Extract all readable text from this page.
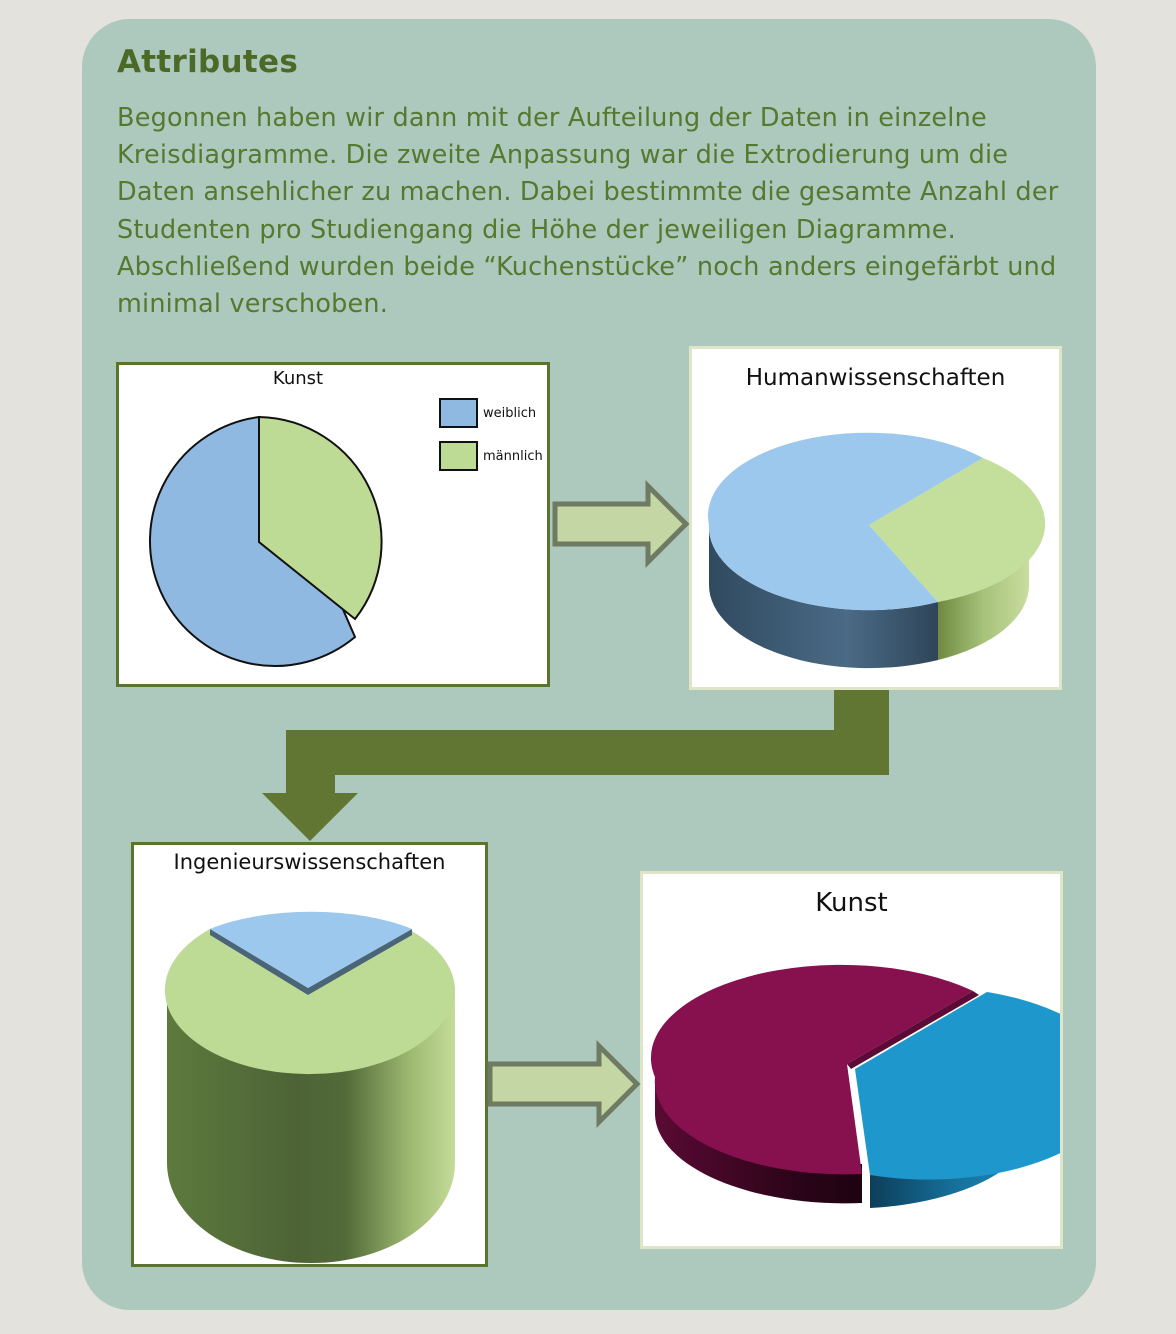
Attributes

Begonnen haben wir dann mit der Aufteilung der Daten in einzelne Kreisdiagramme. Die zweite Anpassung war die Extrodierung um die Daten ansehlicher zu machen. Dabei bestimmte die gesamte Anzahl der Studenten pro Studiengang die Höhe der jeweiligen Diagramme. Abschließend wurden beide “Kuchenstücke” noch anders eingefärbt und minimal verschoben.

Kunst
weiblich
männlich
Humanwissenschaften
Ingenieurswissenschaften
Kunst
